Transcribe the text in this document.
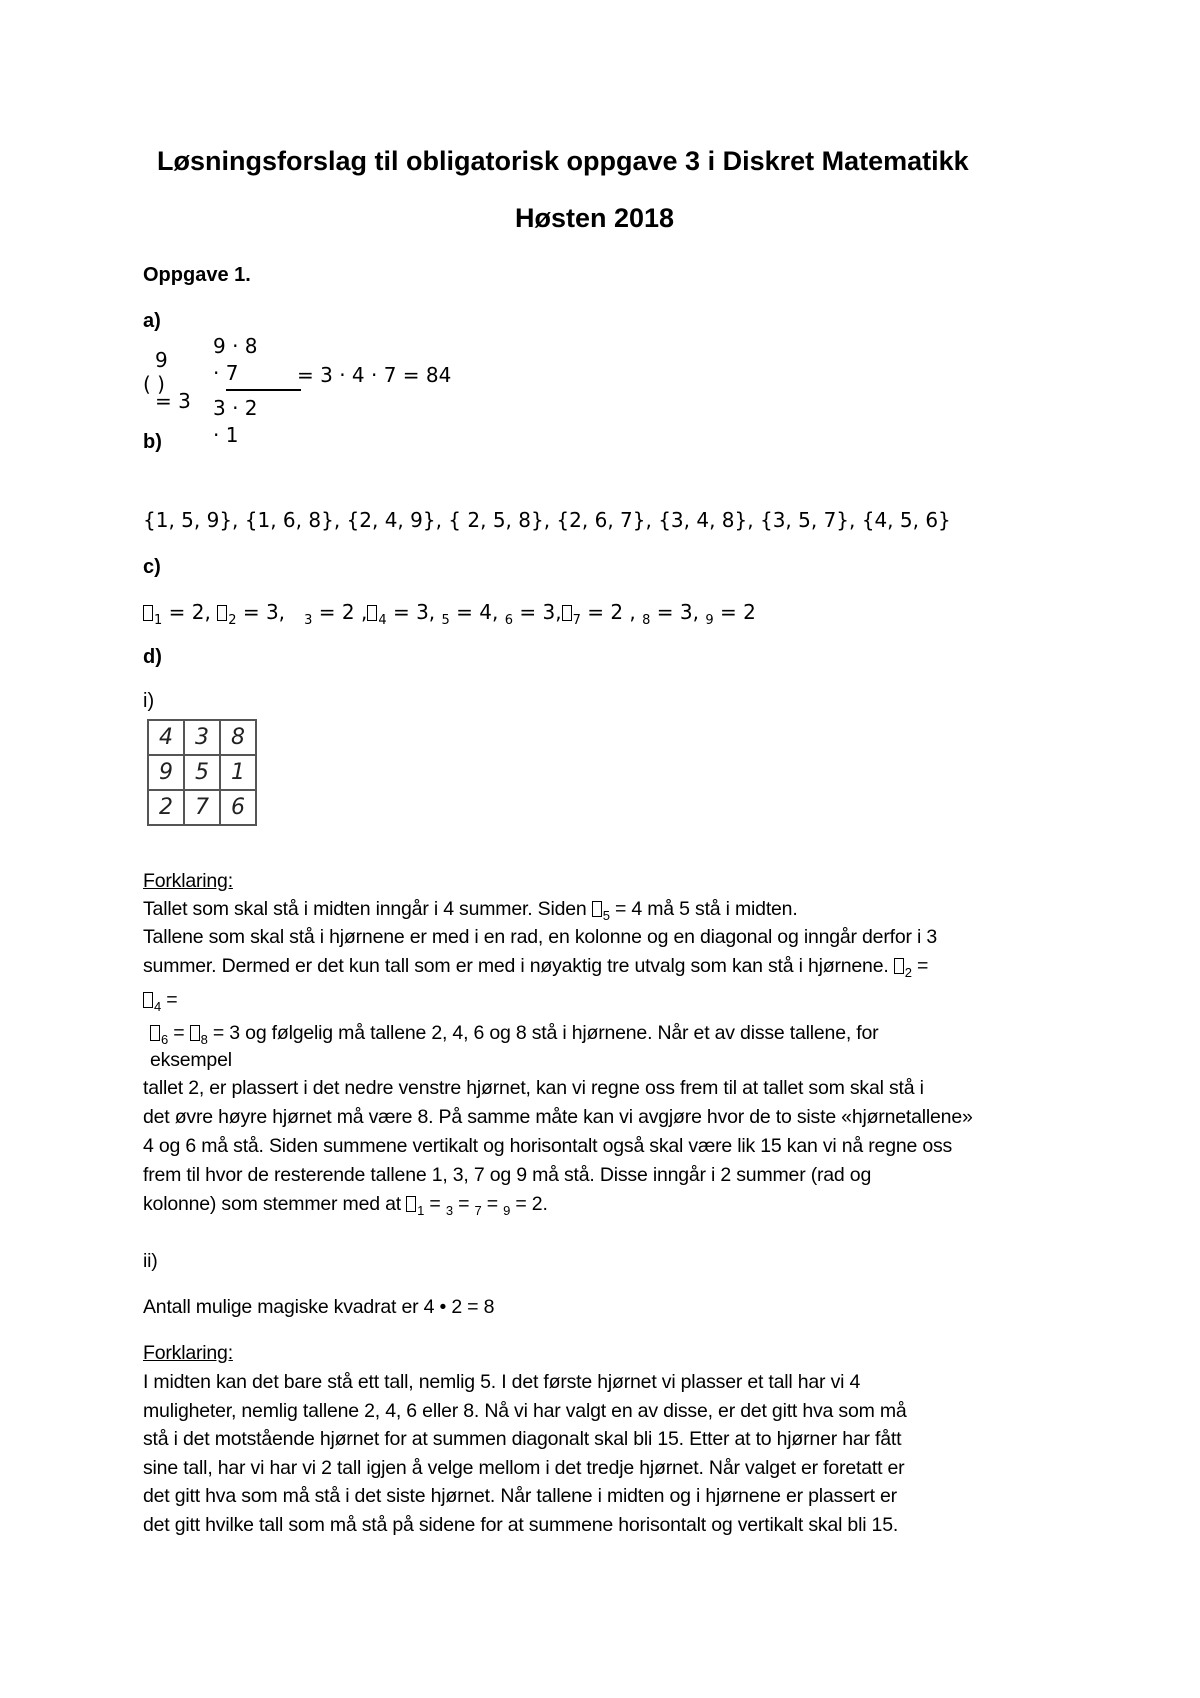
Løsningsforslag til obligatorisk oppgave 3 i Diskret Matematikk
Høsten 2018
Oppgave 1.
a)
9
( )
= 3
9 · 8
· 7
3 · 2
· 1
= 3 · 4 · 7 = 84
b)
{1, 5, 9}, {1, 6, 8}, {2, 4, 9}, { 2, 5, 8}, {2, 6, 7}, {3, 4, 8}, {3, 5, 7}, {4, 5, 6}
c)
$_1$ = 2, $_2$ = 3, $_3$ = 2 , $_4$ = 3, $_5$ = 4, $_6$ = 3, $_7$ = 2 , $_8$ = 3, $_9$ = 2
d)
i)
4	3	8
9	5	1
2	7	6
Forklaring:
Tallet som skal stå i midten inngår i 4 summer. Siden $_5$ = 4 må 5 stå i midten.
Tallene som skal stå i hjørnene er med i en rad, en kolonne og en diagonal og inngår derfor i 3
summer. Dermed er det kun tall som er med i nøyaktig tre utvalg som kan stå i hjørnene. $_2$ =
$_4$ =
$_6$ = $_8$ = 3 og følgelig må tallene 2, 4, 6 og 8 stå i hjørnene. Når et av disse tallene, for
eksempel
tallet 2, er plassert i det nedre venstre hjørnet, kan vi regne oss frem til at tallet som skal stå i
det øvre høyre hjørnet må være 8. På samme måte kan vi avgjøre hvor de to siste «hjørnetallene»
4 og 6 må stå. Siden summene vertikalt og horisontalt også skal være lik 15 kan vi nå regne oss
frem til hvor de resterende tallene 1, 3, 7 og 9 må stå. Disse inngår i 2 summer (rad og
kolonne) som stemmer med at $_1$ = $_3$ = $_7$ = $_9$ = 2.
ii)
Antall mulige magiske kvadrat er 4 • 2 = 8
Forklaring:
I midten kan det bare stå ett tall, nemlig 5. I det første hjørnet vi plasser et tall har vi 4
muligheter, nemlig tallene 2, 4, 6 eller 8. Nå vi har valgt en av disse, er det gitt hva som må
stå i det motstående hjørnet for at summen diagonalt skal bli 15. Etter at to hjørner har fått
sine tall, har vi har vi 2 tall igjen å velge mellom i det tredje hjørnet. Når valget er foretatt er
det gitt hva som må stå i det siste hjørnet. Når tallene i midten og i hjørnene er plassert er
det gitt hvilke tall som må stå på sidene for at summene horisontalt og vertikalt skal bli 15.
